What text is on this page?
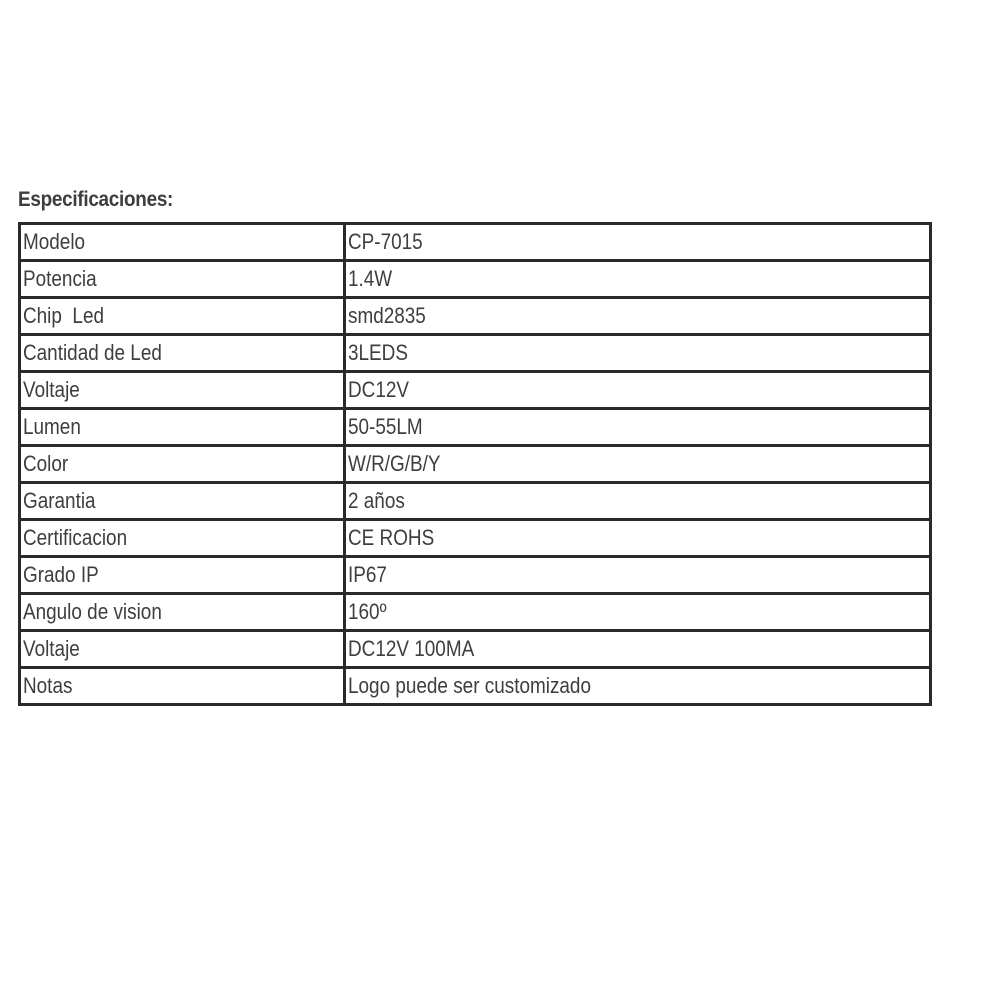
Especificaciones:
Modelo	CP-7015
Potencia	1.4W
Chip  Led	smd2835
Cantidad de Led	3LEDS
Voltaje	DC12V
Lumen	50-55LM
Color	W/R/G/B/Y
Garantia	2 años
Certificacion	CE ROHS
Grado IP	IP67
Angulo de vision	160º
Voltaje	DC12V 100MA
Notas	Logo puede ser customizado
